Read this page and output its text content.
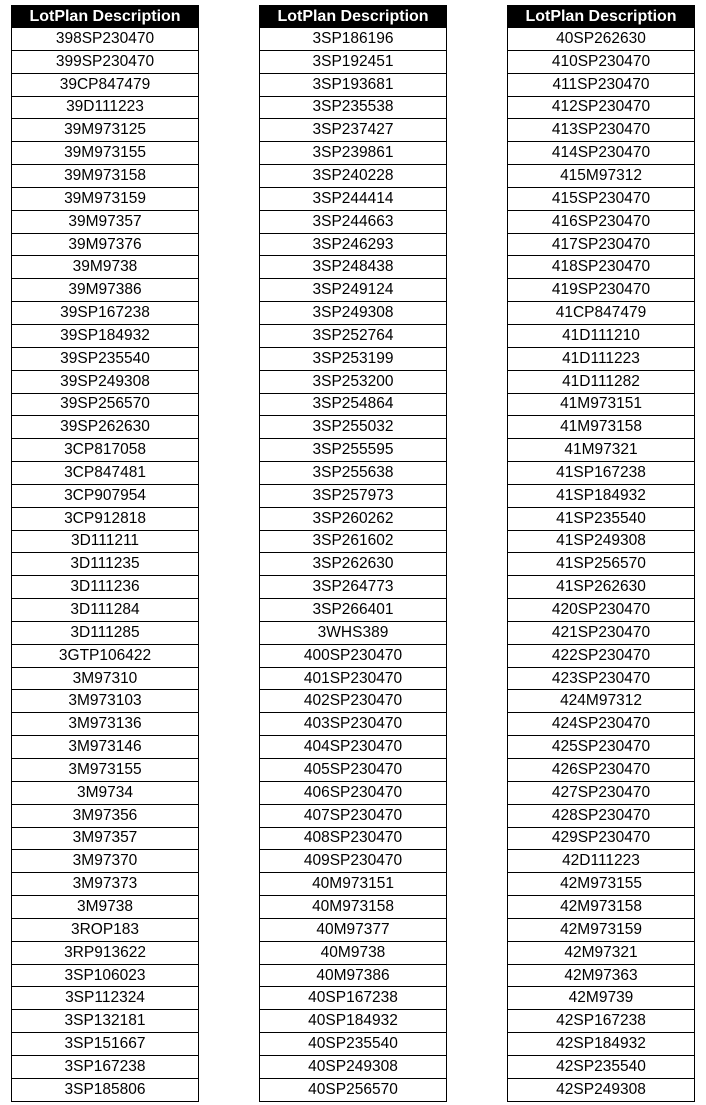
LotPlan Description
398SP230470
399SP230470
39CP847479
39D111223
39M973125
39M973155
39M973158
39M973159
39M97357
39M97376
39M9738
39M97386
39SP167238
39SP184932
39SP235540
39SP249308
39SP256570
39SP262630
3CP817058
3CP847481
3CP907954
3CP912818
3D111211
3D111235
3D111236
3D111284
3D111285
3GTP106422
3M97310
3M973103
3M973136
3M973146
3M973155
3M9734
3M97356
3M97357
3M97370
3M97373
3M9738
3ROP183
3RP913622
3SP106023
3SP112324
3SP132181
3SP151667
3SP167238
3SP185806
LotPlan Description
3SP186196
3SP192451
3SP193681
3SP235538
3SP237427
3SP239861
3SP240228
3SP244414
3SP244663
3SP246293
3SP248438
3SP249124
3SP249308
3SP252764
3SP253199
3SP253200
3SP254864
3SP255032
3SP255595
3SP255638
3SP257973
3SP260262
3SP261602
3SP262630
3SP264773
3SP266401
3WHS389
400SP230470
401SP230470
402SP230470
403SP230470
404SP230470
405SP230470
406SP230470
407SP230470
408SP230470
409SP230470
40M973151
40M973158
40M97377
40M9738
40M97386
40SP167238
40SP184932
40SP235540
40SP249308
40SP256570
LotPlan Description
40SP262630
410SP230470
411SP230470
412SP230470
413SP230470
414SP230470
415M97312
415SP230470
416SP230470
417SP230470
418SP230470
419SP230470
41CP847479
41D111210
41D111223
41D111282
41M973151
41M973158
41M97321
41SP167238
41SP184932
41SP235540
41SP249308
41SP256570
41SP262630
420SP230470
421SP230470
422SP230470
423SP230470
424M97312
424SP230470
425SP230470
426SP230470
427SP230470
428SP230470
429SP230470
42D111223
42M973155
42M973158
42M973159
42M97321
42M97363
42M9739
42SP167238
42SP184932
42SP235540
42SP249308
